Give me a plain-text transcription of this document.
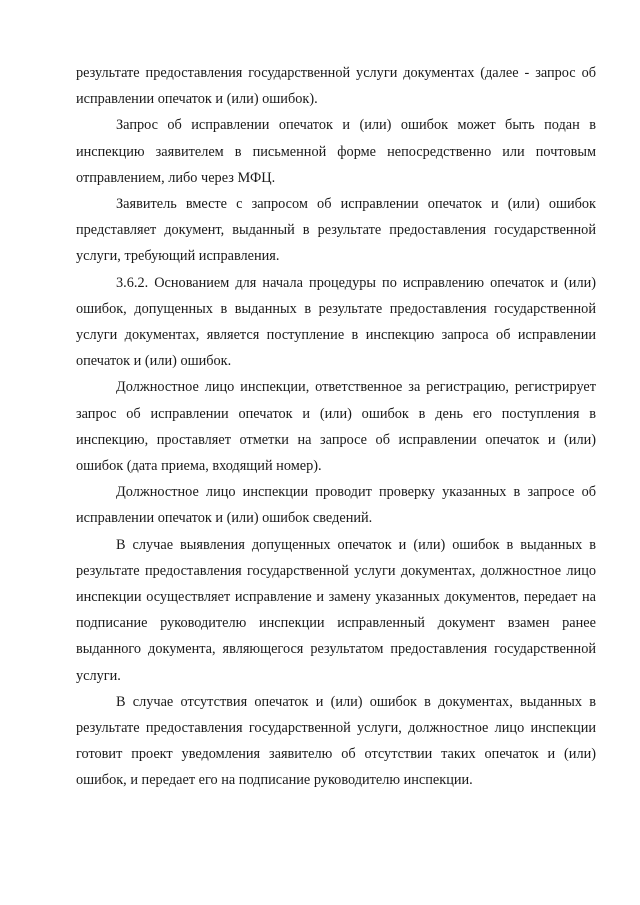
результате предоставления государственной услуги документах (далее - запрос об исправлении опечаток и (или) ошибок).

Запрос об исправлении опечаток и (или) ошибок может быть подан в инспекцию заявителем в письменной форме непосредственно или почтовым отправлением, либо через МФЦ.

Заявитель вместе с запросом об исправлении опечаток и (или) ошибок представляет документ, выданный в результате предоставления государственной услуги, требующий исправления.

3.6.2. Основанием для начала процедуры по исправлению опечаток и (или) ошибок, допущенных в выданных в результате предоставления государственной услуги документах, является поступление в инспекцию запроса об исправлении опечаток и (или) ошибок.

Должностное лицо инспекции, ответственное за регистрацию, регистрирует запрос об исправлении опечаток и (или) ошибок в день его поступления в инспекцию, проставляет отметки на запросе об исправлении опечаток и (или) ошибок (дата приема, входящий номер).

Должностное лицо инспекции проводит проверку указанных в запросе об исправлении опечаток и (или) ошибок сведений.

В случае выявления допущенных опечаток и (или) ошибок в выданных в результате предоставления государственной услуги документах, должностное лицо инспекции осуществляет исправление и замену указанных документов, передает на подписание руководителю инспекции исправленный документ взамен ранее выданного документа, являющегося результатом предоставления государственной услуги.

В случае отсутствия опечаток и (или) ошибок в документах, выданных в результате предоставления государственной услуги, должностное лицо инспекции готовит проект уведомления заявителю об отсутствии таких опечаток и (или) ошибок, и передает его на подписание руководителю инспекции.
